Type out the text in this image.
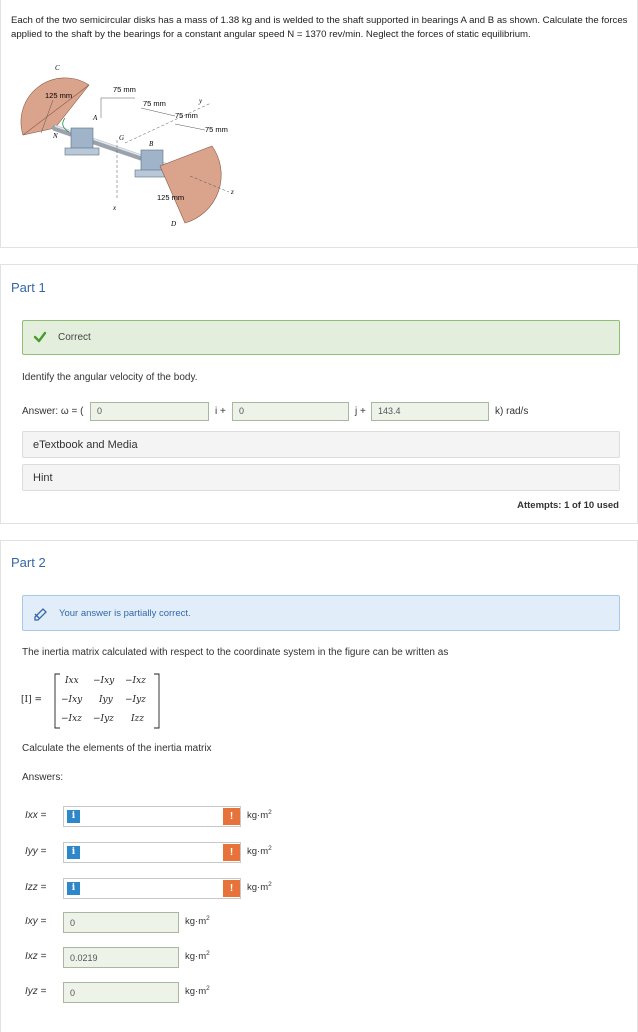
Each of the two semicircular disks has a mass of 1.38 kg and is welded to the shaft supported in bearings A and B as shown. Calculate the forces applied to the shaft by the bearings for a constant angular speed N = 1370 rev/min. Neglect the forces of static equilibrium.

C
125 mm
75 mm
75 mm	y
75 mm
75 mm
N
A
G
B
x
125 mm
D
z
Part 1
Correct
Identify the angular velocity of the body.
Answer: ω = (	0	i +	0	j +	143.4	k) rad/s
eTextbook and Media
Hint
Attempts: 1 of 10 used
Part 2
Your answer is partially correct.
The inertia matrix calculated with respect to the coordinate system in the figure can be written as
[I] =
Ixx −Ixy −Ixz
−Ixy Iyy −Iyz
−Ixz −Iyz Izz
Calculate the elements of the inertia matrix
Answers:
Ixx =	i	!	$kg\cdot m^2$
Iyy =	i	!	$kg\cdot m^2$
Izz =	i	!	$kg\cdot m^2$
Ixy =	0	$kg\cdot m^2$
Ixz =	0.0219	$kg\cdot m^2$
Iyz =	0	$kg\cdot m^2$
